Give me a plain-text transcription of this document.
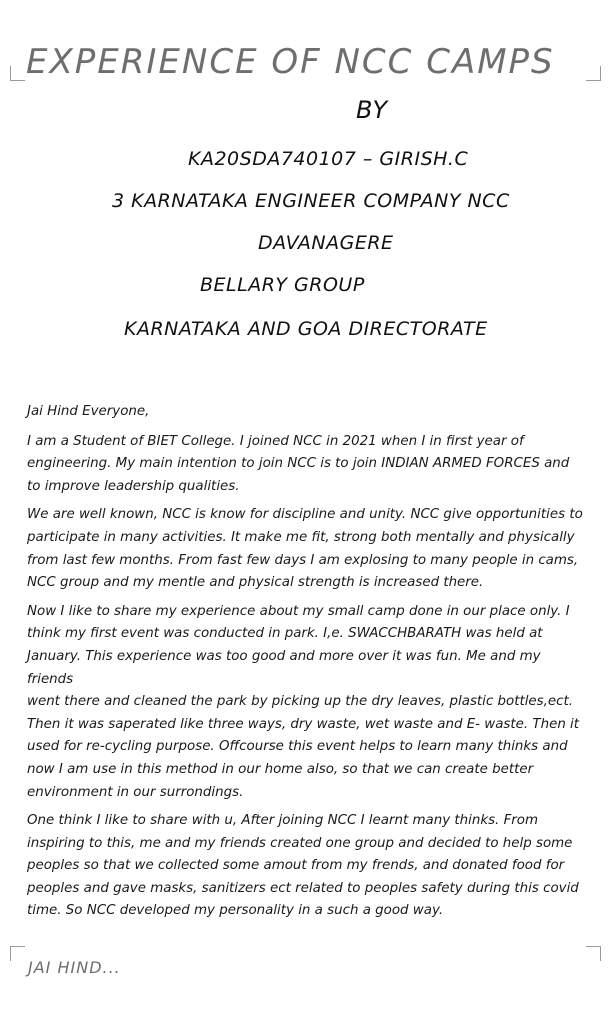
EXPERIENCE OF NCC CAMPS
BY
KA20SDA740107 – GIRISH.C
3 KARNATAKA ENGINEER COMPANY NCC
DAVANAGERE
BELLARY GROUP
KARNATAKA AND GOA DIRECTORATE

Jai Hind Everyone,

I am a Student of BIET College. I joined NCC in 2021 when I in first year of
engineering. My main intention to join NCC is to join INDIAN ARMED FORCES and
to improve leadership qualities.

We are well known, NCC is know for discipline and unity. NCC give opportunities to
participate in many activities. It make me fit, strong both mentally and physically
from last few months. From fast few days I am explosing to many people in cams,
NCC group and my mentle and physical strength is increased there.

Now I like to share my experience about my small camp done in our place only. I
think my first event was conducted in park. I,e. SWACCHBARATH was held at
January. This experience was too good and more over it was fun. Me and my friends
went there and cleaned the park by picking up the dry leaves, plastic bottles,ect.
Then it was saperated like three ways, dry waste, wet waste and E- waste. Then it
used for re-cycling purpose. Offcourse this event helps to learn many thinks and
now I am use in this method in our home also, so that we can create better
environment in our surrondings.

One think I like to share with u, After joining NCC I learnt many thinks. From
inspiring to this, me and my friends created one group and decided to help some
peoples so that we collected some amout from my frends, and donated food for
peoples and gave masks, sanitizers ect related to peoples safety during this covid
time. So NCC developed my personality in a such a good way.

JAI HIND...
